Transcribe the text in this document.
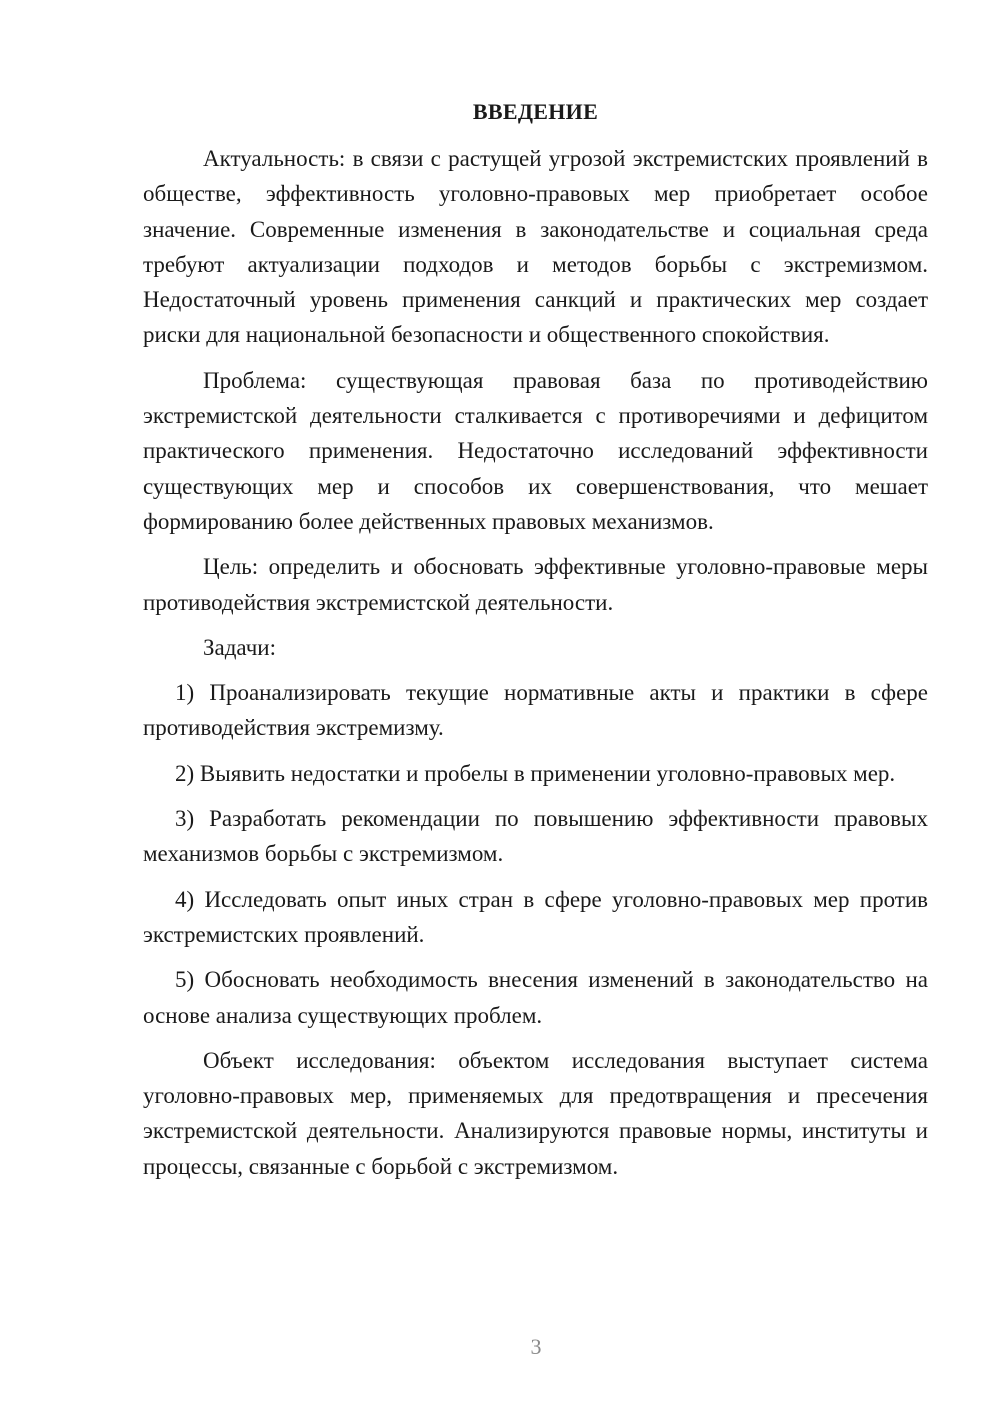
ВВЕДЕНИЕ

Актуальность: в связи с растущей угрозой экстремистских проявлений в обществе, эффективность уголовно-правовых мер приобретает особое значение. Современные изменения в законодательстве и социальная среда требуют актуализации подходов и методов борьбы с экстремизмом. Недостаточный уровень применения санкций и практических мер создает риски для национальной безопасности и общественного спокойствия.

Проблема: существующая правовая база по противодействию экстремистской деятельности сталкивается с противоречиями и дефицитом практического применения. Недостаточно исследований эффективности существующих мер и способов их совершенствования, что мешает формированию более действенных правовых механизмов.

Цель: определить и обосновать эффективные уголовно-правовые меры противодействия экстремистской деятельности.

Задачи:

1) Проанализировать текущие нормативные акты и практики в сфере противодействия экстремизму.

2) Выявить недостатки и пробелы в применении уголовно-правовых мер.

3) Разработать рекомендации по повышению эффективности правовых механизмов борьбы с экстремизмом.

4) Исследовать опыт иных стран в сфере уголовно-правовых мер против экстремистских проявлений.

5) Обосновать необходимость внесения изменений в законодательство на основе анализа существующих проблем.

Объект исследования: объектом исследования выступает система уголовно-правовых мер, применяемых для предотвращения и пресечения экстремистской деятельности. Анализируются правовые нормы, институты и процессы, связанные с борьбой с экстремизмом.

3
